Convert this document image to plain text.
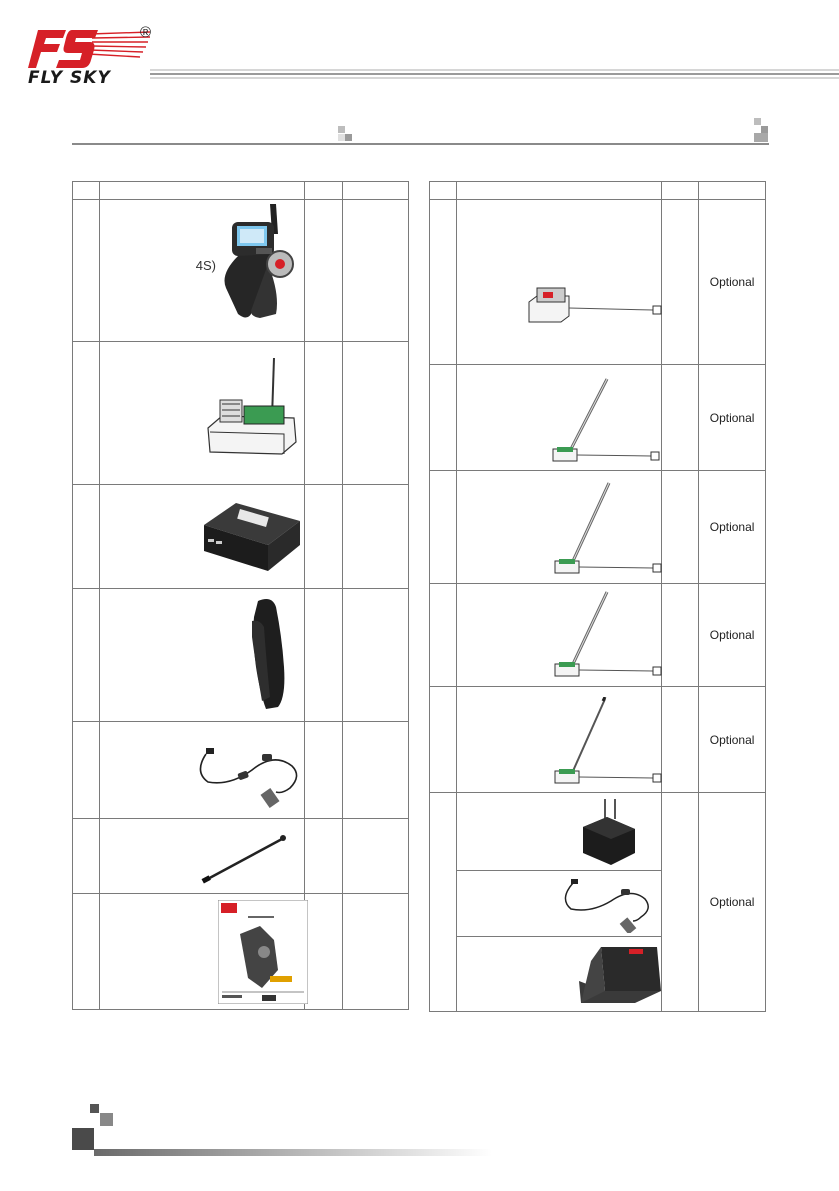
FLY SKY
®

	4S)		

		Optional

		Optional

		Optional

		Optional

		Optional

		Optional
